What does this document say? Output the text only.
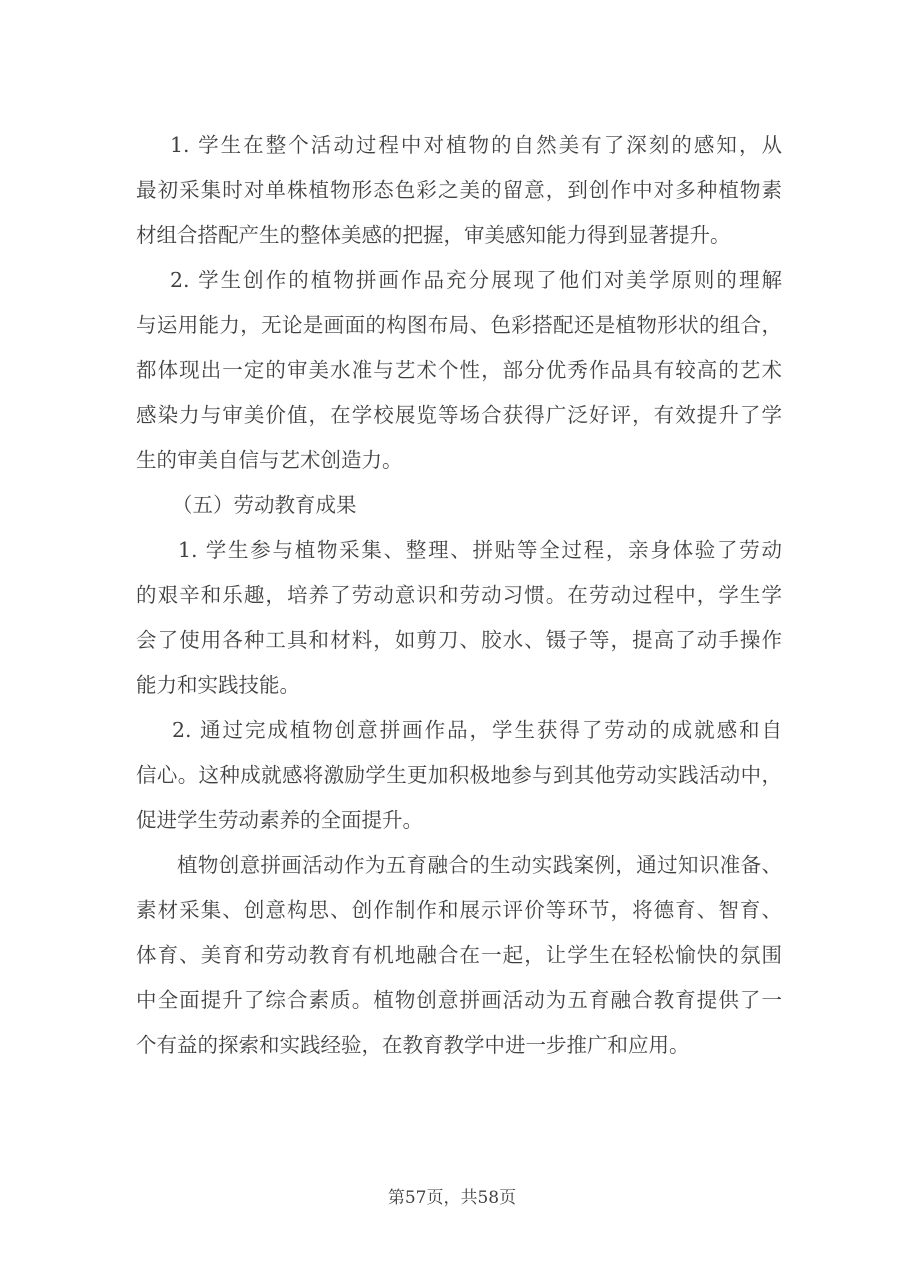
1. 学生在整个活动过程中对植物的自然美有了深刻的感知，从
最初采集时对单株植物形态色彩之美的留意，到创作中对多种植物素
材组合搭配产生的整体美感的把握，审美感知能力得到显著提升。
2. 学生创作的植物拼画作品充分展现了他们对美学原则的理解
与运用能力，无论是画面的构图布局、色彩搭配还是植物形状的组合，
都体现出一定的审美水准与艺术个性，部分优秀作品具有较高的艺术
感染力与审美价值，在学校展览等场合获得广泛好评，有效提升了学
生的审美自信与艺术创造力。
（五）劳动教育成果
1. 学生参与植物采集、整理、拼贴等全过程，亲身体验了劳动
的艰辛和乐趣，培养了劳动意识和劳动习惯。在劳动过程中，学生学
会了使用各种工具和材料，如剪刀、胶水、镊子等，提高了动手操作
能力和实践技能。
2. 通过完成植物创意拼画作品，学生获得了劳动的成就感和自
信心。这种成就感将激励学生更加积极地参与到其他劳动实践活动中，
促进学生劳动素养的全面提升。
植物创意拼画活动作为五育融合的生动实践案例，通过知识准备、
素材采集、创意构思、创作制作和展示评价等环节，将德育、智育、
体育、美育和劳动教育有机地融合在一起，让学生在轻松愉快的氛围
中全面提升了综合素质。植物创意拼画活动为五育融合教育提供了一
个有益的探索和实践经验，在教育教学中进一步推广和应用。
第57页，共58页
